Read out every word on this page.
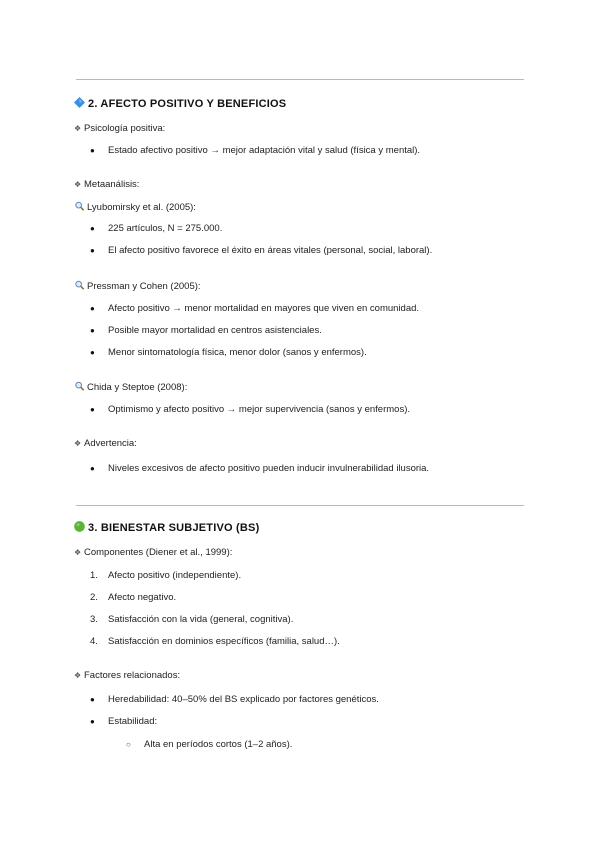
2. AFECTO POSITIVO Y BENEFICIOS
❖ Psicología positiva:
● Estado afectivo positivo → mejor adaptación vital y salud (física y mental).
❖ Metaanálisis:
Lyubomirsky et al. (2005):
● 225 artículos, N = 275.000.
● El afecto positivo favorece el éxito en áreas vitales (personal, social, laboral).
Pressman y Cohen (2005):
● Afecto positivo → menor mortalidad en mayores que viven en comunidad.
● Posible mayor mortalidad en centros asistenciales.
● Menor sintomatología física, menor dolor (sanos y enfermos).
Chida y Steptoe (2008):
● Optimismo y afecto positivo → mejor supervivencia (sanos y enfermos).
❖ Advertencia:
● Niveles excesivos de afecto positivo pueden inducir invulnerabilidad ilusoria.
3. BIENESTAR SUBJETIVO (BS)
❖ Componentes (Diener et al., 1999):
1. Afecto positivo (independiente).
2. Afecto negativo.
3. Satisfacción con la vida (general, cognitiva).
4. Satisfacción en dominios específicos (familia, salud…).
❖ Factores relacionados:
● Heredabilidad: 40–50% del BS explicado por factores genéticos.
● Estabilidad:
○ Alta en períodos cortos (1–2 años).
